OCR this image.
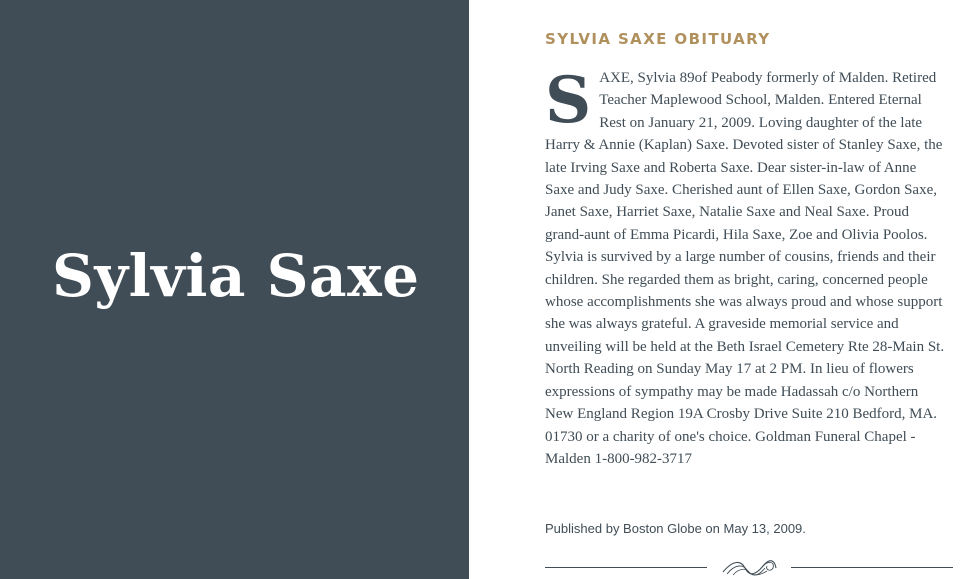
Sylvia Saxe
SYLVIA SAXE OBITUARY

SAXE, Sylvia 89of Peabody formerly of Malden. Retired Teacher Maplewood School, Malden. Entered Eternal Rest on January 21, 2009. Loving daughter of the late Harry & Annie (Kaplan) Saxe. Devoted sister of Stanley Saxe, the late Irving Saxe and Roberta Saxe. Dear sister-in-law of Anne Saxe and Judy Saxe. Cherished aunt of Ellen Saxe, Gordon Saxe, Janet Saxe, Harriet Saxe, Natalie Saxe and Neal Saxe. Proud grand-aunt of Emma Picardi, Hila Saxe, Zoe and Olivia Poolos. Sylvia is survived by a large number of cousins, friends and their children. She regarded them as bright, caring, concerned people whose accomplishments she was always proud and whose support she was always grateful. A graveside memorial service and unveiling will be held at the Beth Israel Cemetery Rte 28-Main St. North Reading on Sunday May 17 at 2 PM. In lieu of flowers expressions of sympathy may be made Hadassah c/o Northern New England Region 19A Crosby Drive Suite 210 Bedford, MA. 01730 or a charity of one's choice. Goldman Funeral Chapel - Malden 1-800-982-3717

Published by Boston Globe on May 13, 2009.
